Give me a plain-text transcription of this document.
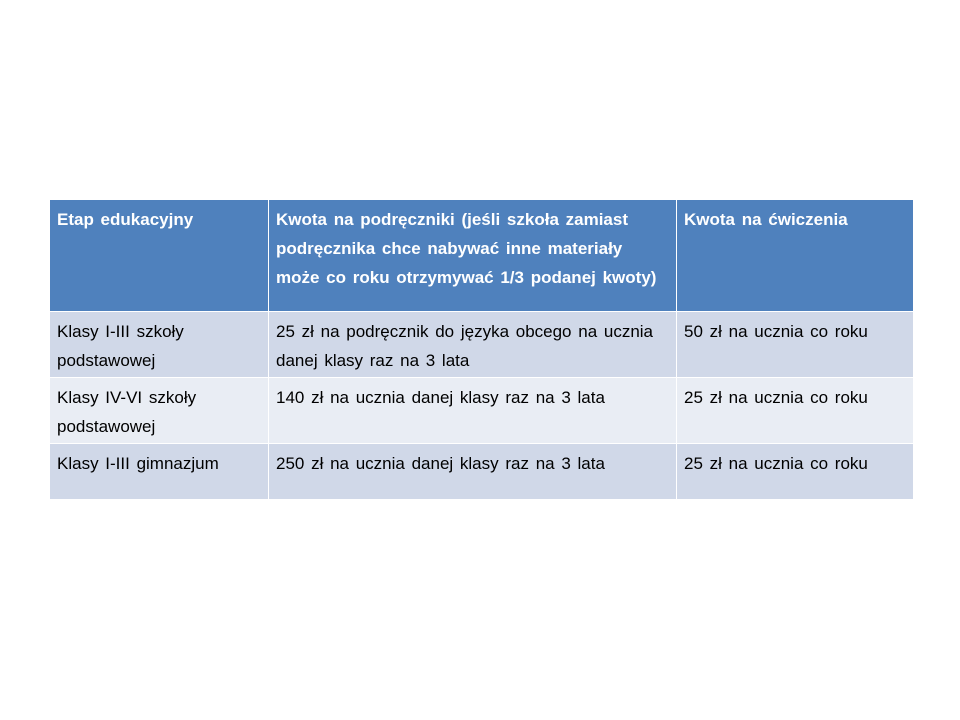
Etap edukacyjny	Kwota na podręczniki (jeśli szkoła zamiast podręcznika chce nabywać inne materiały może co roku otrzymywać 1/3 podanej kwoty)	Kwota na ćwiczenia
Klasy I-III szkoły podstawowej	25 zł na podręcznik do języka obcego na ucznia danej klasy raz na 3 lata	50 zł na ucznia co roku
Klasy IV-VI szkoły podstawowej	140 zł na ucznia danej klasy raz na 3 lata	25 zł na ucznia co roku
Klasy I-III gimnazjum	250 zł na ucznia danej klasy raz na 3 lata	25 zł na ucznia co roku
